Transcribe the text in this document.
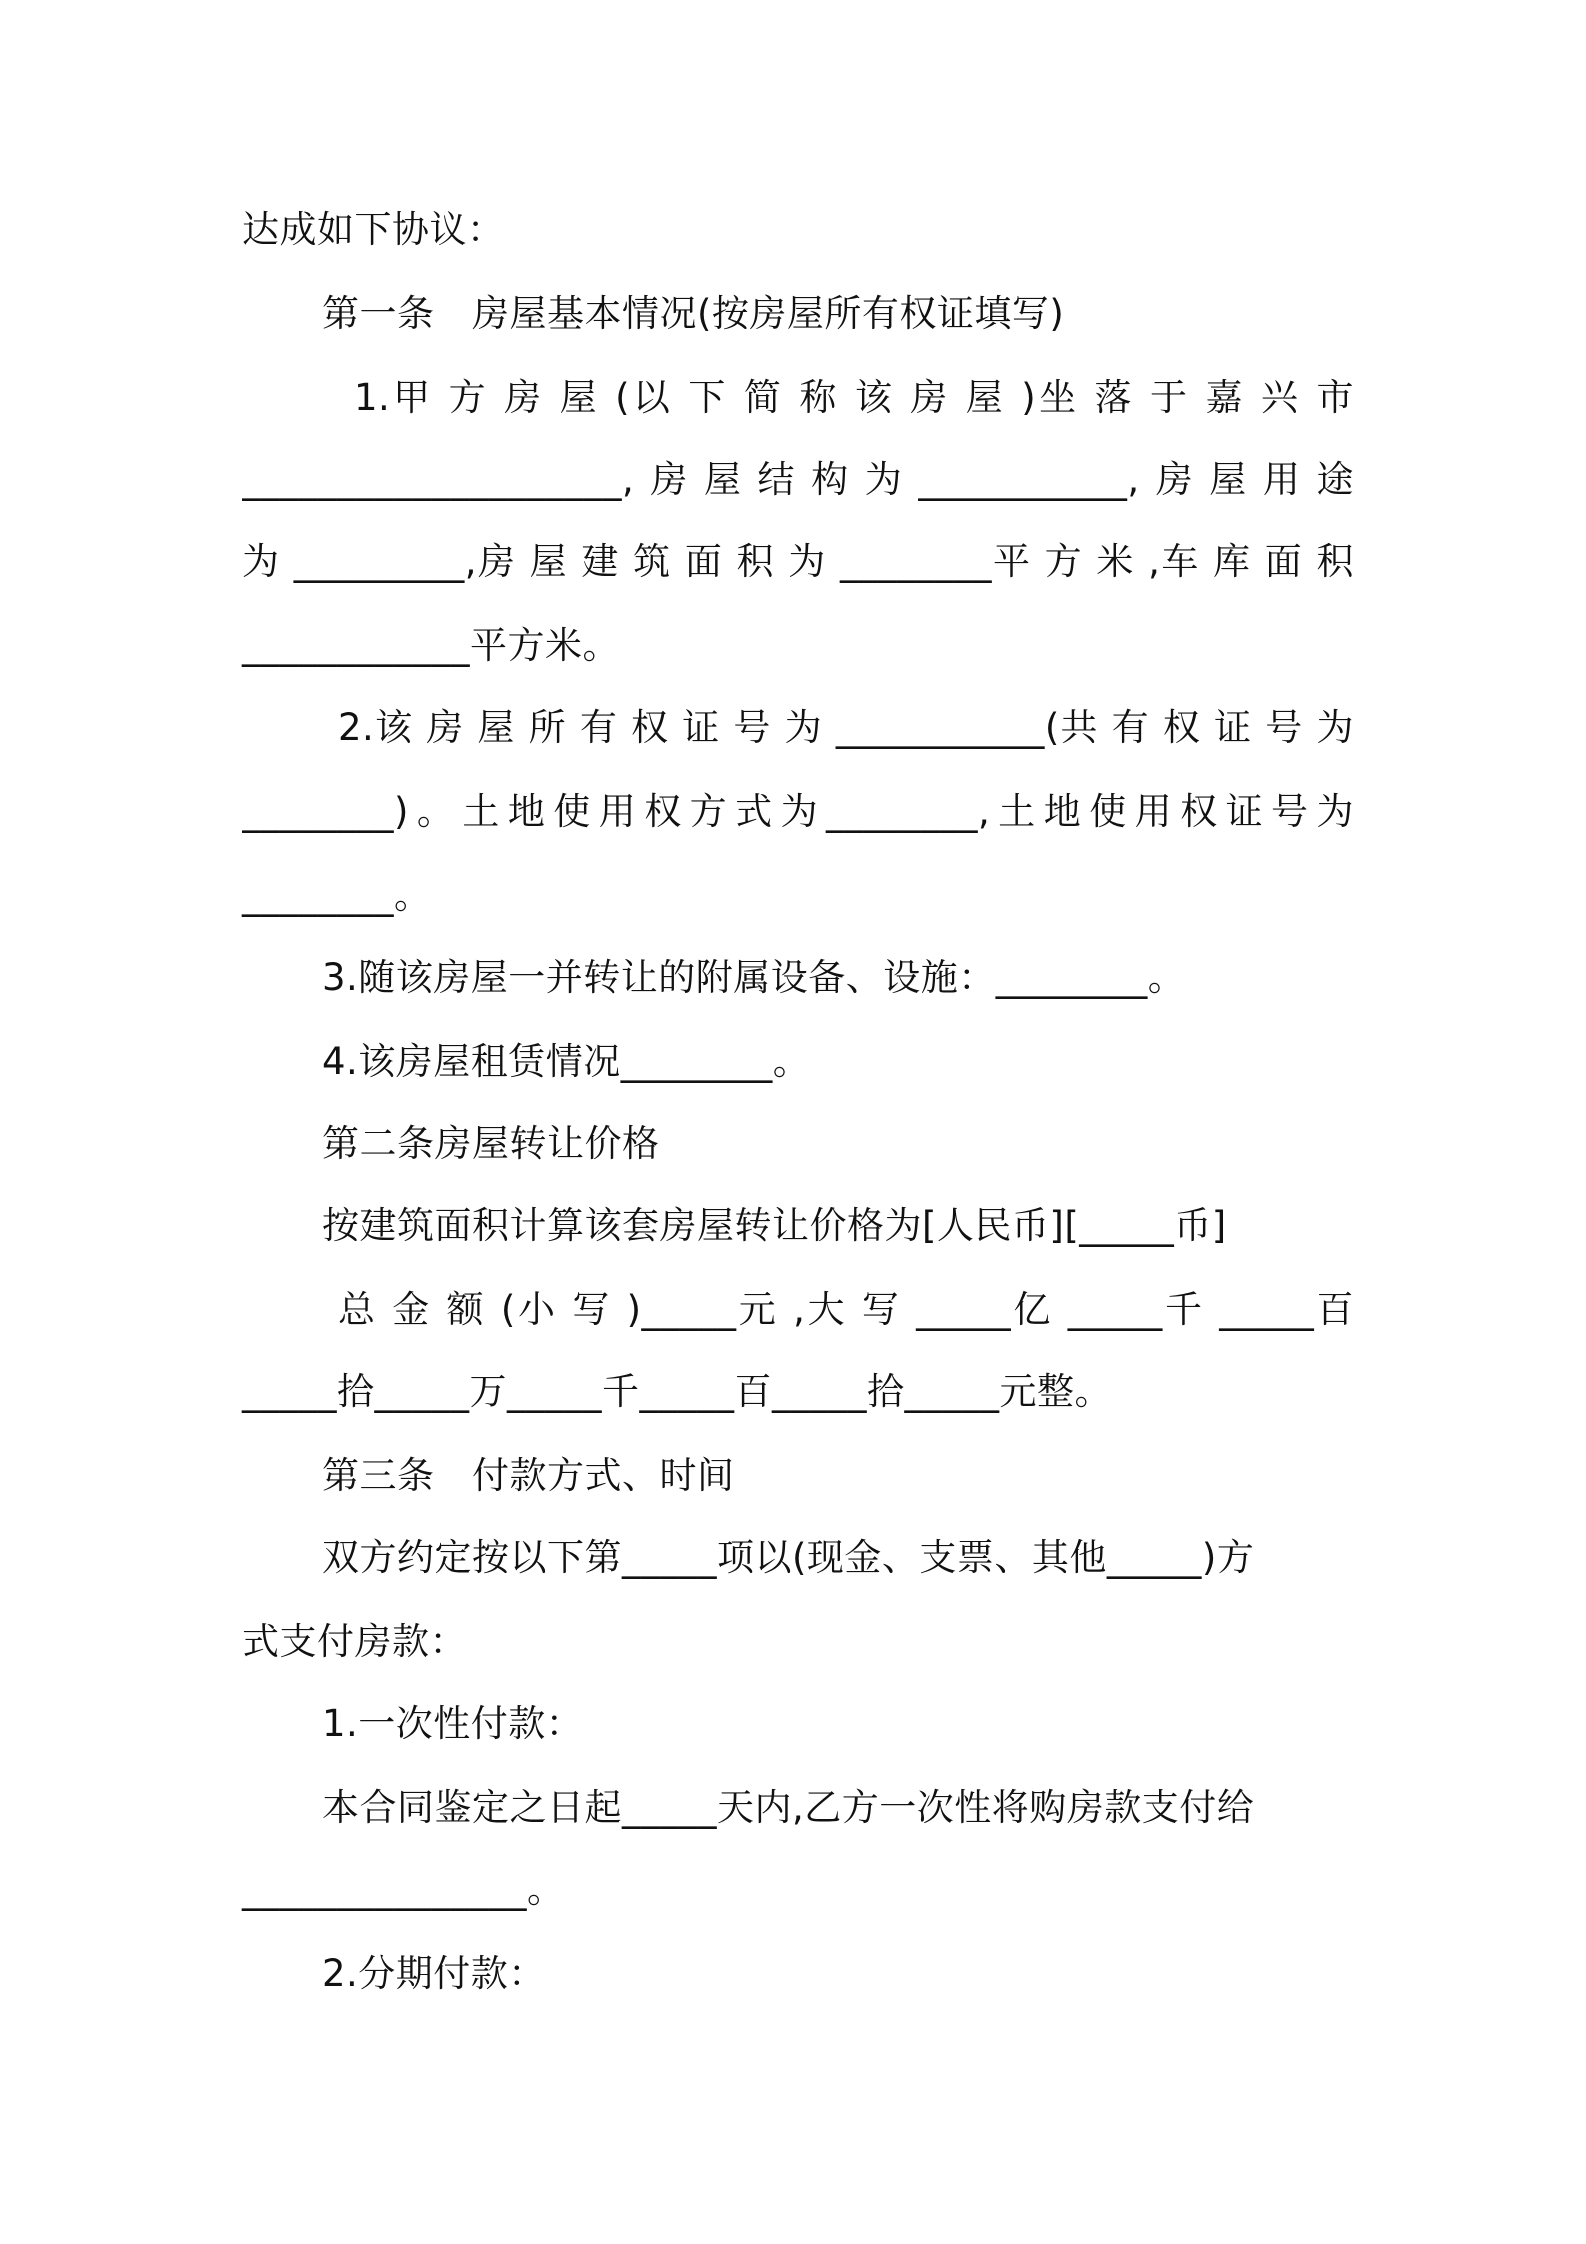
达成如下协议：
第一条　房屋基本情况(按房屋所有权证填写)
1.甲 方 房 屋 (以 下 简 称 该 房 屋 )坐 落 于 嘉 兴 市
____________________,房屋结构为___________,房屋用途
为 _________,房 屋 建 筑 面 积 为 ________平 方 米 ,车 库 面 积
____________平方米。
2.该 房 屋 所 有 权 证 号 为 ___________(共 有 权 证 号 为
________)。土地使用权方式为________,土地使用权证号为
________。
3.随该房屋一并转让的附属设备、设施：________。
4.该房屋租赁情况________。
第二条房屋转让价格
按建筑面积计算该套房屋转让价格为[人民币][_____币]
总 金 额 (小 写 )_____元 ,大 写 _____亿 _____千 _____百
_____拾_____万_____千_____百_____拾_____元整。
第三条　付款方式、时间
双方约定按以下第_____项以(现金、支票、其他_____)方
式支付房款：
1.一次性付款：
本合同鉴定之日起_____天内,乙方一次性将购房款支付给
_______________。
2.分期付款：
